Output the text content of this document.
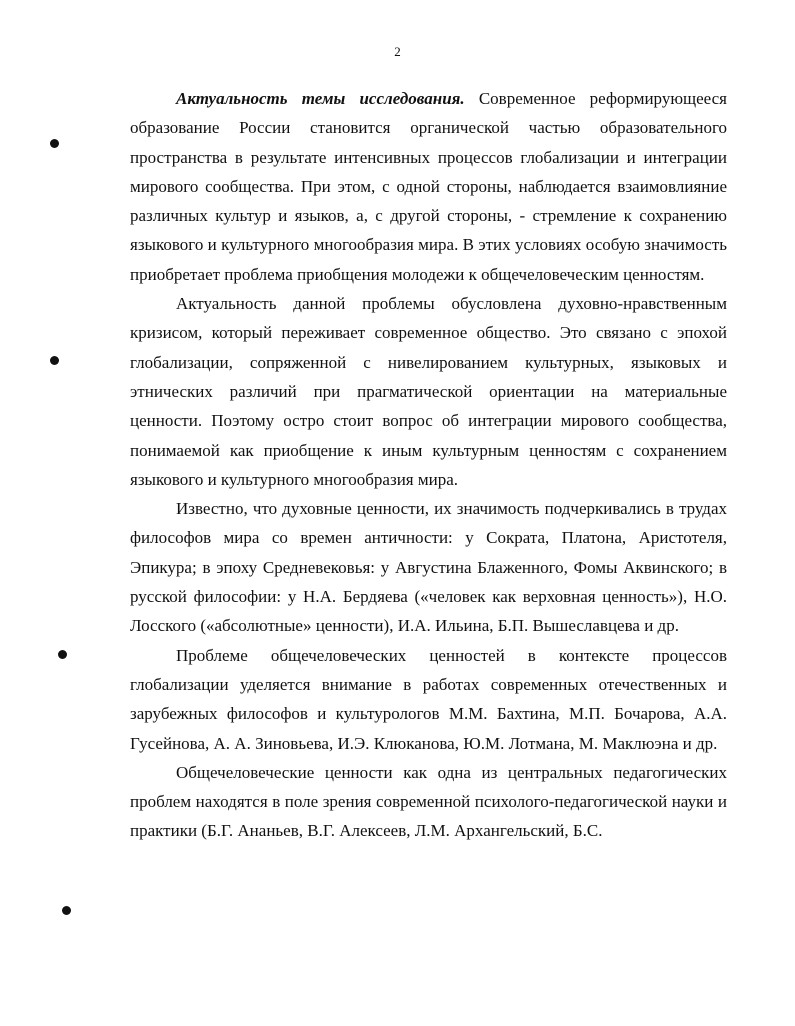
2

Актуальность темы исследования. Современное реформирующееся образование России становится органической частью образовательного пространства в результате интенсивных процессов глобализации и интеграции мирового сообщества. При этом, с одной стороны, наблюдается взаимовлияние различных культур и языков, а, с другой стороны, - стремление к сохранению языкового и культурного многообразия мира. В этих условиях особую значимость приобретает проблема приобщения молодежи к общечеловеческим ценностям.

Актуальность данной проблемы обусловлена духовно-нравственным кризисом, который переживает современное общество. Это связано с эпохой глобализации, сопряженной с нивелированием культурных, языковых и этнических различий при прагматической ориентации на материальные ценности. Поэтому остро стоит вопрос об интеграции мирового сообщества, понимаемой как приобщение к иным культурным ценностям с сохранением языкового и культурного многообразия мира.

Известно, что духовные ценности, их значимость подчеркивались в трудах философов мира со времен античности: у Сократа, Платона, Аристотеля, Эпикура; в эпоху Средневековья: у Августина Блаженного, Фомы Аквинского; в русской философии: у Н.А. Бердяева («человек как верховная ценность»), Н.О. Лосского («абсолютные» ценности), И.А. Ильина, Б.П. Вышеславцева и др.

Проблеме общечеловеческих ценностей в контексте процессов глобализации уделяется внимание в работах современных отечественных и зарубежных философов и культурологов М.М. Бахтина, М.П. Бочарова, А.А. Гусейнова, А. А. Зиновьева, И.Э. Клюканова, Ю.М. Лотмана, М. Маклюэна и др.

Общечеловеческие ценности как одна из центральных педагогических проблем находятся в поле зрения современной психолого-педагогической науки и практики (Б.Г. Ананьев, В.Г. Алексеев, Л.М. Архангельский, Б.С.
